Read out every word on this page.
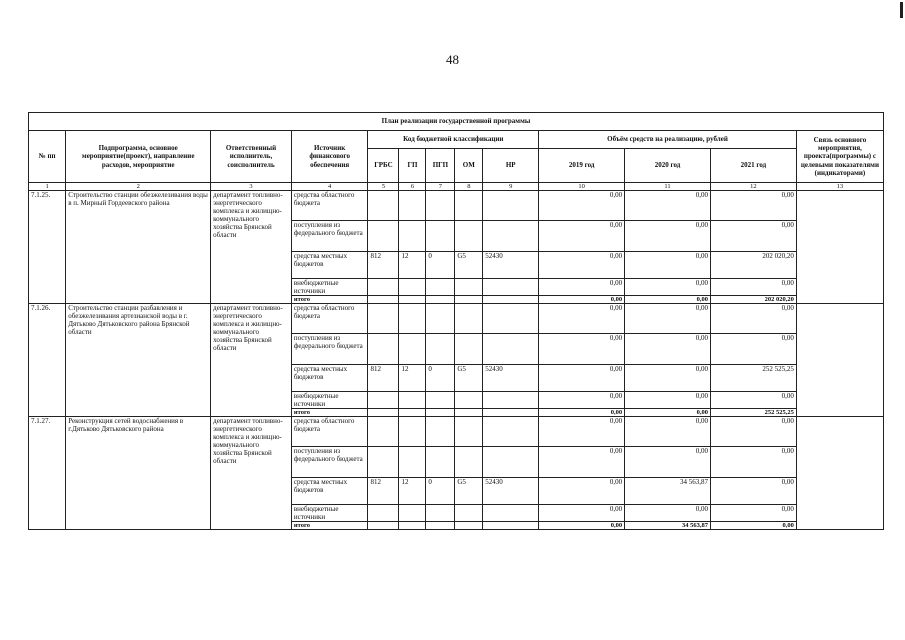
48
План реализации государственной программы												
№ пп	Подпрограмма, основное мероприятие(проект), направление расходов, мероприятие	Ответственный исполнитель, соисполнитель	Источник финансового обеспечения	Код бюджетной классификации					Объём средств на реализацию, рублей			Связь основного мероприятия, проекта(программы) с целевыми показателями (индикаторами)
				ГРБС	ГП	ПГП	ОМ	НР	2019 год	2020 год	2021 год	
1	2	3	4	5	6	7	8	9	10	11	12	13
7.1.25.	Строительство станции обезжелезивания воды в п. Мирный Гордеевского района	департамент топливно-энергетического комплекса и жилищно-коммунального хозяйства Брянской области	средства областного бюджета						0,00	0,00	0,00	
			поступления из федерального бюджета						0,00	0,00	0,00	
			средства местных бюджетов	812	12	0	G5	52430	0,00	0,00	202 020,20	
			внебюджетные источники						0,00	0,00	0,00	
			итого						0,00	0,00	202 020,20	
7.1.26.	Строительство станции разбавления и обезжелезивания артезианской воды в г. Дятьково Дятьковского района Брянской области	департамент топливно-энергетического комплекса и жилищно-коммунального хозяйства Брянской области	средства областного бюджета						0,00	0,00	0,00	
			поступления из федерального бюджета						0,00	0,00	0,00	
			средства местных бюджетов	812	12	0	G5	52430	0,00	0,00	252 525,25	
			внебюджетные источники						0,00	0,00	0,00	
			итого						0,00	0,00	252 525,25	
7.1.27.	Реконструкция сетей водоснабжения в г.Дятьково Дятьковского района	департамент топливно-энергетического комплекса и жилищно-коммунального хозяйства Брянской области	средства областного бюджета						0,00	0,00	0,00	
			поступления из федерального бюджета						0,00	0,00	0,00	
			средства местных бюджетов	812	12	0	G5	52430	0,00	34 563,87	0,00	
			внебюджетные источники						0,00	0,00	0,00	
			итого						0,00	34 563,87	0,00	
